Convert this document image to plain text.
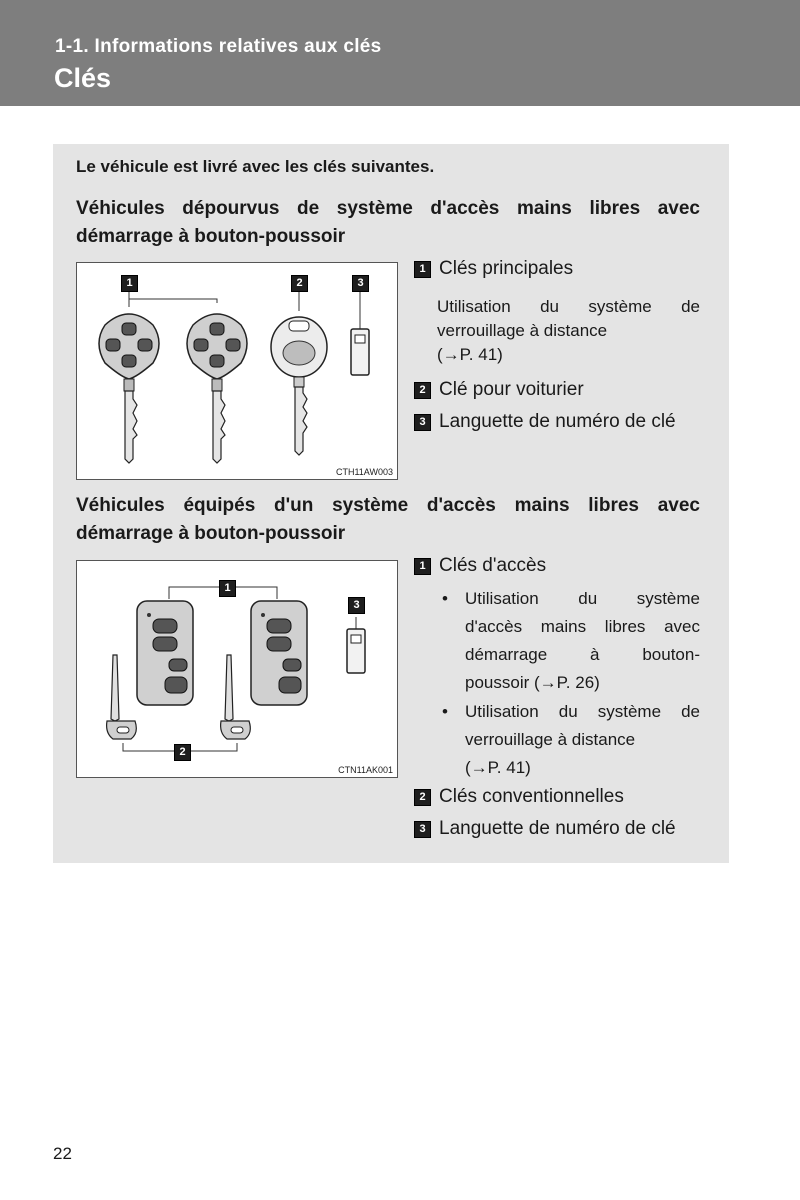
1-1. Informations relatives aux clés
Clés
Le véhicule est livré avec les clés suivantes.
Véhicules dépourvus de système d'accès mains libres avec
démarrage à bouton-poussoir
1	2	3
CTH11AW003
1 Clés principales
Utilisation du système de
verrouillage à distance
(→P. 41)
2 Clé pour voiturier
3 Languette de numéro de clé
Véhicules équipés d'un système d'accès mains libres avec
démarrage à bouton-poussoir
1
2
3
CTN11AK001
1 Clés d'accès
• Utilisation du système
d'accès mains libres avec
démarrage à bouton-
poussoir (→P. 26)
• Utilisation du système de
verrouillage à distance
(→P. 41)
2 Clés conventionnelles
3 Languette de numéro de clé
22
